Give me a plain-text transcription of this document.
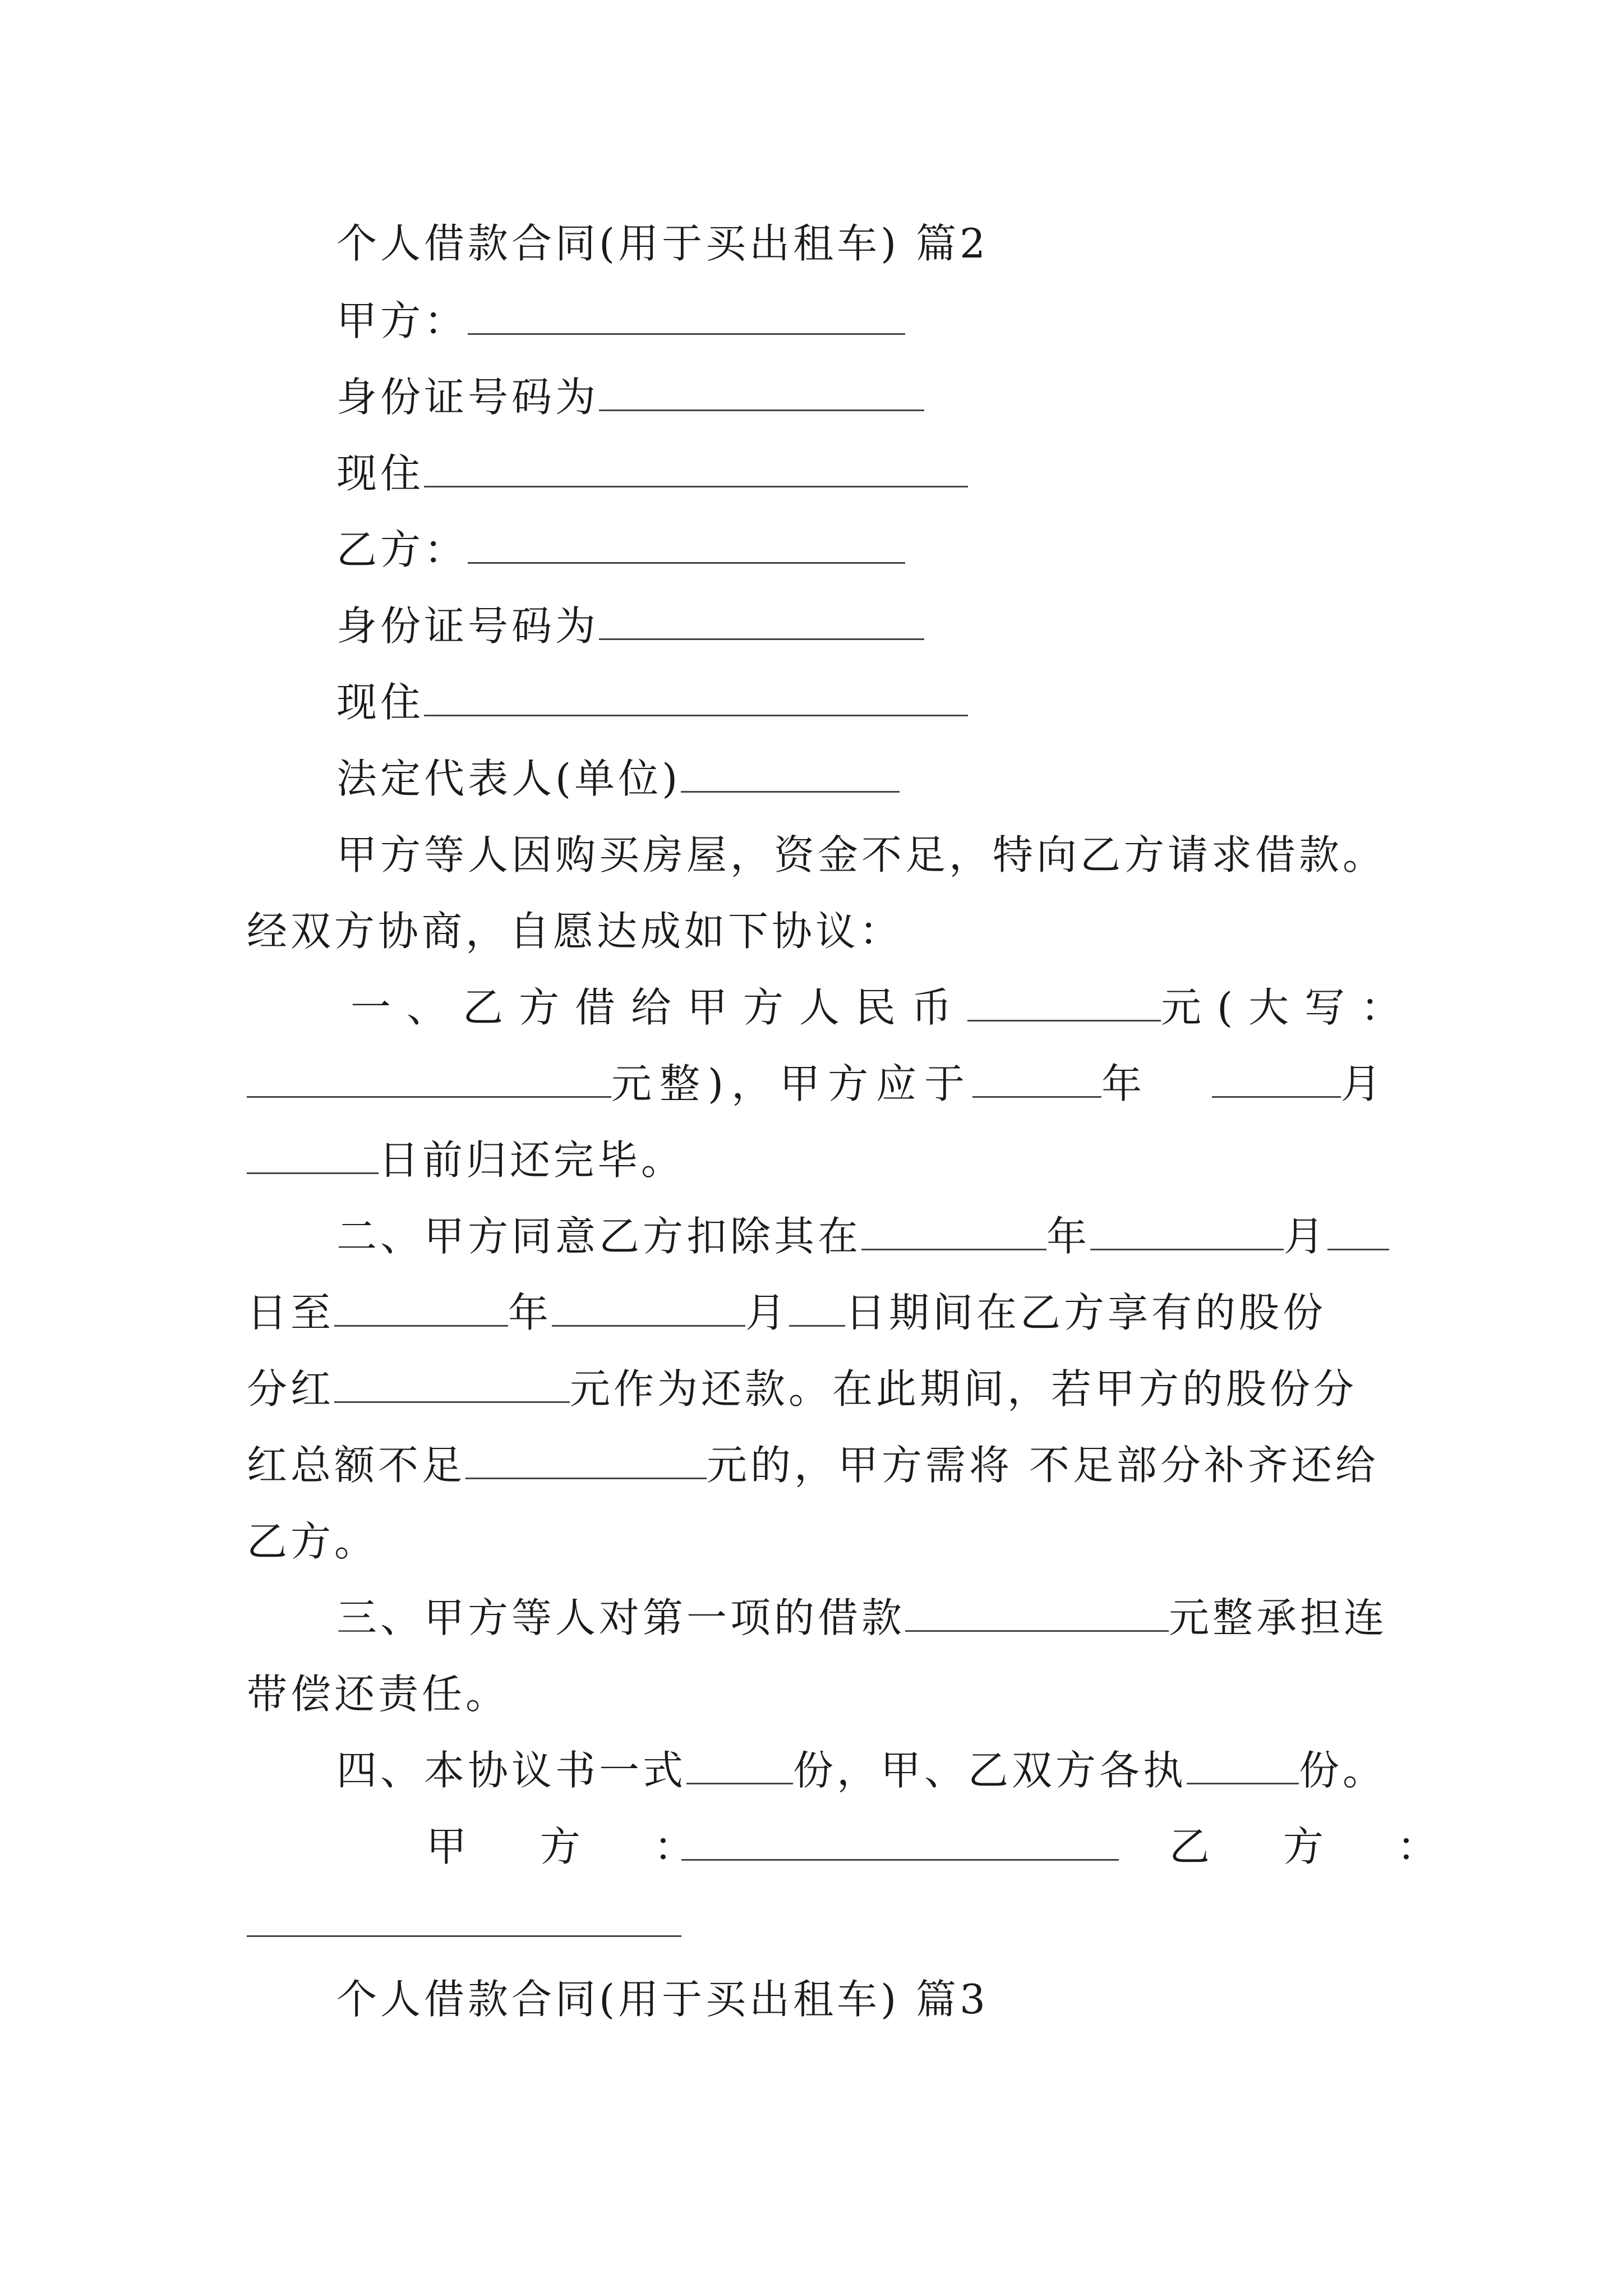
个人借款合同(用于买出租车) 篇2
甲方：
身份证号码为
现住
乙方：
身份证号码为
现住
法定代表人(单位)
甲方等人因购买房屋，资金不足，特向乙方请求借款。
经双方协商，自愿达成如下协议：
一、乙方借给甲方人民币	元(大写：
元整)，甲方应于	年	月
日前归还完毕。
二、甲方同意乙方扣除其在	年	月
日至	年	月 日期间在乙方享有的股份
分红	元作为还款。在此期间，若甲方的股份分
红总额不足	元的，甲方需将 不足部分补齐还给
乙方。
三、甲方等人对第一项的借款	元整承担连
带偿还责任。
四、本协议书一式	份，甲、乙双方各执	份。
甲 方 ：	乙 方 ：
个人借款合同(用于买出租车) 篇3
